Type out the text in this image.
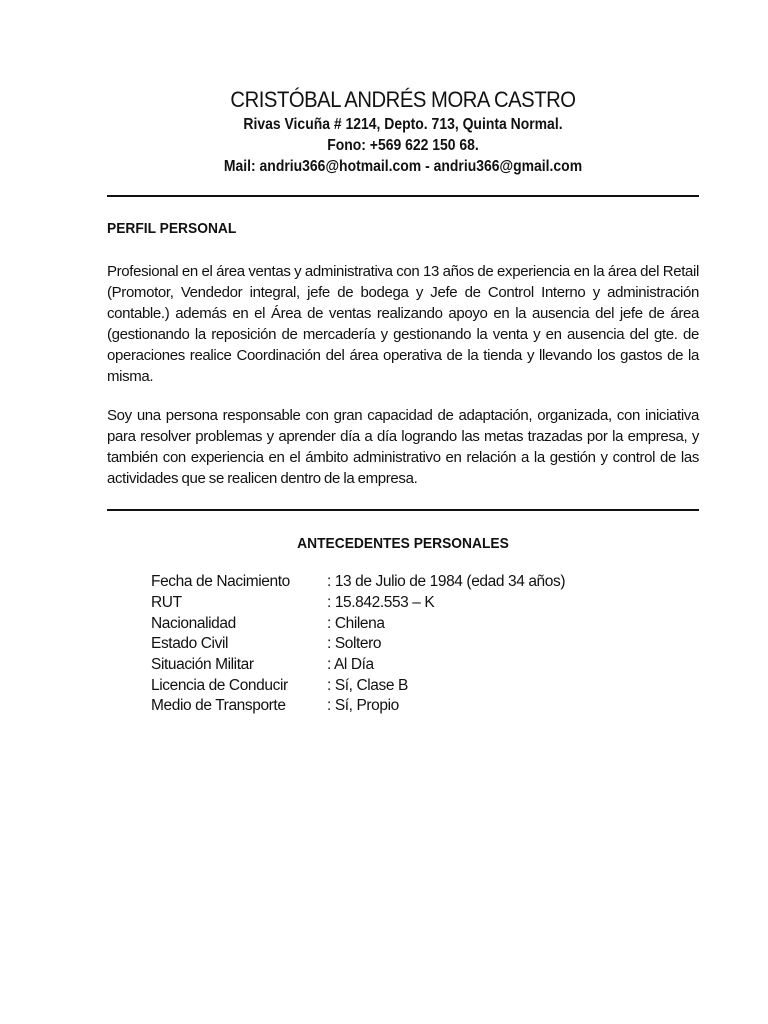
CRISTÓBAL ANDRÉS MORA CASTRO

Rivas Vicuña # 1214, Depto. 713, Quinta Normal.

Fono: +569 622 150 68.

Mail: andriu366@hotmail.com - andriu366@gmail.com

PERFIL PERSONAL

Profesional en el área ventas y administrativa con 13 años de experiencia en la área del Retail (Promotor, Vendedor integral, jefe de bodega y Jefe de Control Interno y administración contable.) además en el Área de ventas realizando apoyo en la ausencia del jefe de área (gestionando la reposición de mercadería y gestionando la venta y en ausencia del gte. de operaciones realice Coordinación del área operativa de la tienda y llevando los gastos de la misma.

Soy una persona responsable con gran capacidad de adaptación, organizada, con iniciativa para resolver problemas y aprender día a día logrando las metas trazadas por la empresa, y también con experiencia en el ámbito administrativo en relación a la gestión y control de las actividades que se realicen dentro de la empresa.

ANTECEDENTES PERSONALES
Fecha de Nacimiento	: 13 de Julio de 1984 (edad 34 años)
RUT	: 15.842.553 – K
Nacionalidad	: Chilena
Estado Civil	: Soltero
Situación Militar	: Al Día
Licencia de Conducir	: Sí, Clase B
Medio de Transporte	: Sí, Propio
